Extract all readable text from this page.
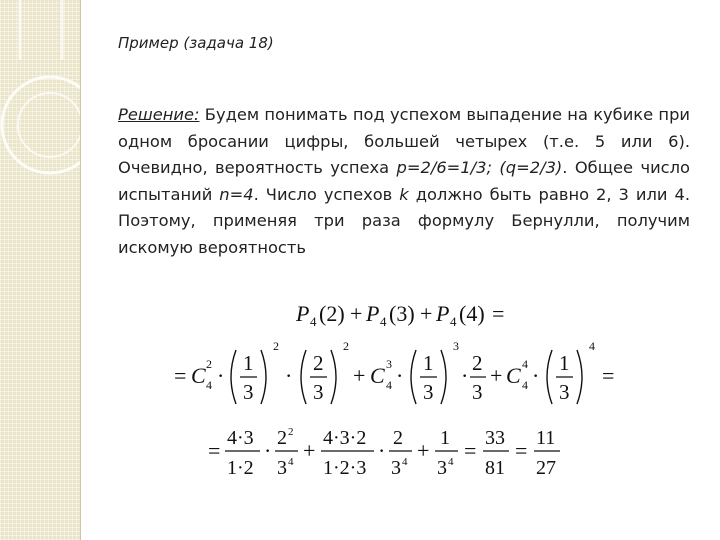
Пример (задача 18)
Решение: Будем понимать под успехом выпадение на кубике при одном бросании цифры, большей четырех (т.е. 5 или 6). Очевидно, вероятность успеха p=2/6=1/3; (q=2/3). Общее число испытаний n=4. Число успехов k должно быть равно 2, 3 или 4. Поэтому, применяя три раза формулу Бернулли, получим искомую вероятность
P 4 (2) + P 4 (3) + P 4 (4) =
= C 2
4 · 1
3
2
· 2
3
2
+ C 3
4 · 1
3
3
· 2
3
+ C 4
4 · 1
3
4
=
= 4·3
1·2
· 2 2
3 4 + 4·3·2
1·2·3
· 2
3 4 + 1
3 4 = 33
81
= 11
27
